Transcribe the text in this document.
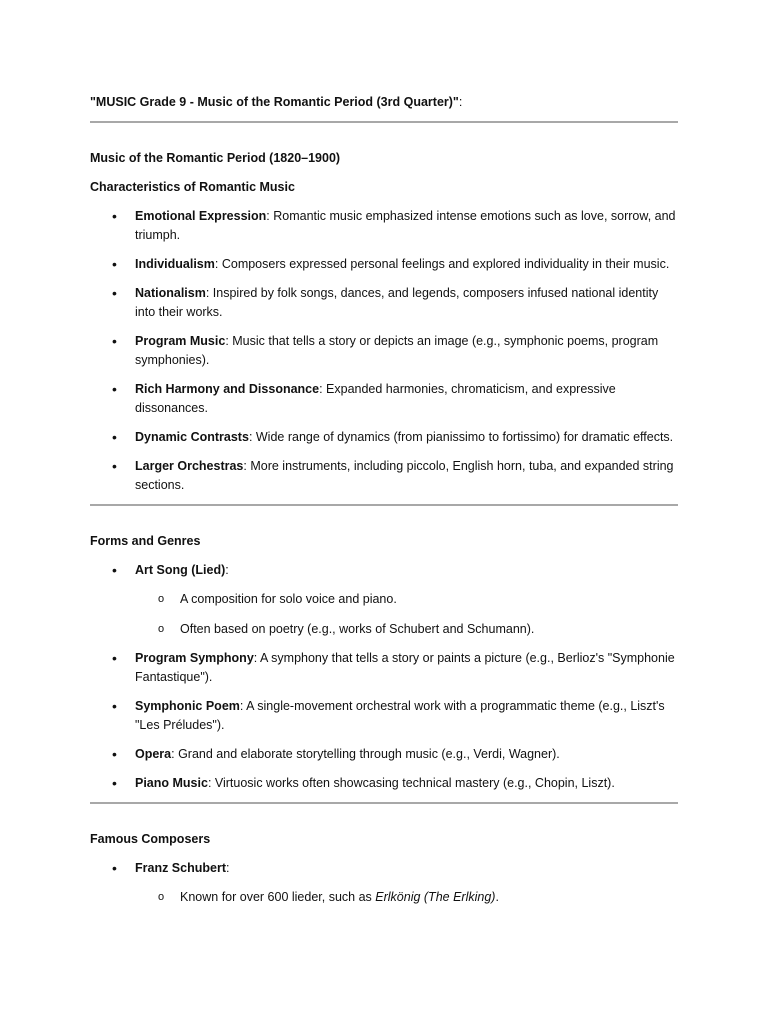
"MUSIC Grade 9 - Music of the Romantic Period (3rd Quarter)":

Music of the Romantic Period (1820–1900)

Characteristics of Romantic Music

• Emotional Expression: Romantic music emphasized intense emotions such as love, sorrow, and triumph.
• Individualism: Composers expressed personal feelings and explored individuality in their music.
• Nationalism: Inspired by folk songs, dances, and legends, composers infused national identity into their works.
• Program Music: Music that tells a story or depicts an image (e.g., symphonic poems, program symphonies).
• Rich Harmony and Dissonance: Expanded harmonies, chromaticism, and expressive dissonances.
• Dynamic Contrasts: Wide range of dynamics (from pianissimo to fortissimo) for dramatic effects.
• Larger Orchestras: More instruments, including piccolo, English horn, tuba, and expanded string sections.

Forms and Genres

• Art Song (Lied):
o A composition for solo voice and piano.
o Often based on poetry (e.g., works of Schubert and Schumann).
• Program Symphony: A symphony that tells a story or paints a picture (e.g., Berlioz's "Symphonie Fantastique").
• Symphonic Poem: A single-movement orchestral work with a programmatic theme (e.g., Liszt's "Les Préludes").
• Opera: Grand and elaborate storytelling through music (e.g., Verdi, Wagner).
• Piano Music: Virtuosic works often showcasing technical mastery (e.g., Chopin, Liszt).

Famous Composers

• Franz Schubert:
o Known for over 600 lieder, such as Erlkönig (The Erlking).
